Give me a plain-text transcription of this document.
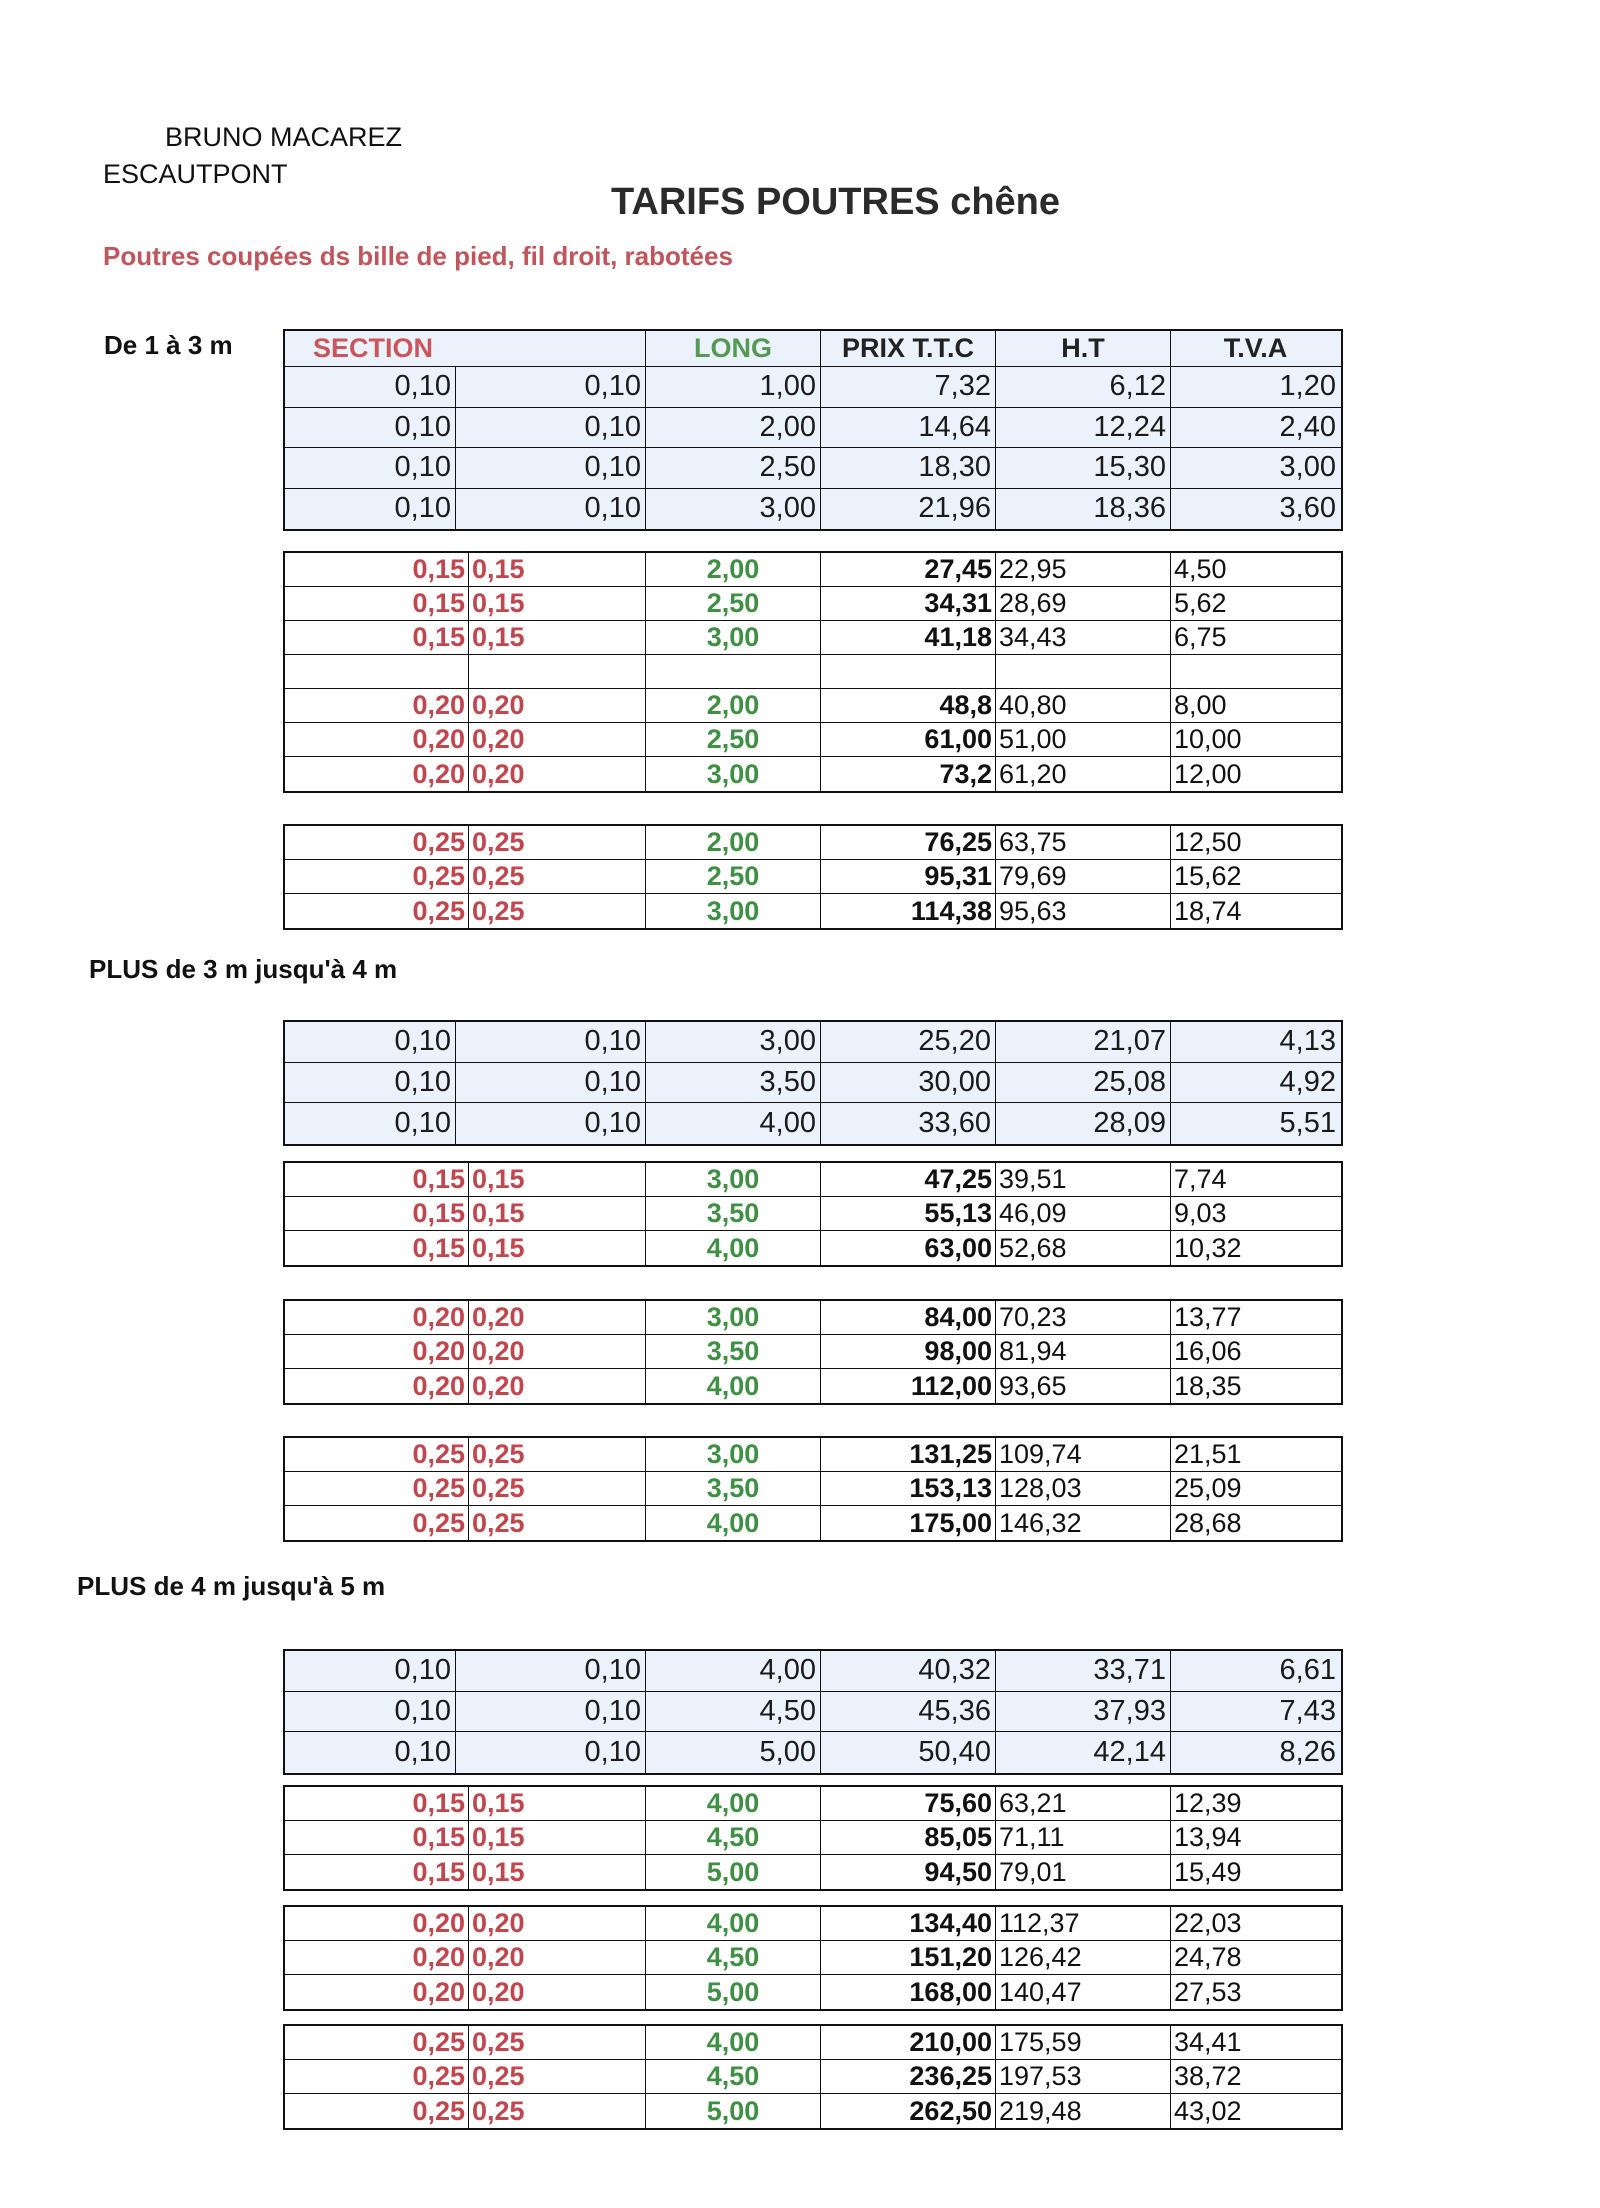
BRUNO MACAREZ
ESCAUTPONT
TARIFS POUTRES chêne
Poutres coupées ds bille de pied, fil droit, rabotées
De 1 à 3 m	SECTION	LONG	PRIX T.T.C	H.T	T.V.A
0,10	0,10	1,00	7,32	6,12	1,20
0,10	0,10	2,00	14,64	12,24	2,40
0,10	0,10	2,50	18,30	15,30	3,00
0,10	0,10	3,00	21,96	18,36	3,60
0,15 0,15	2,00	27,45 22,95	4,50
0,15 0,15	2,50	34,31 28,69	5,62
0,15 0,15	3,00	41,18 34,43	6,75
0,20 0,20	2,00	48,8 40,80	8,00
0,20 0,20	2,50	61,00 51,00	10,00
0,20 0,20	3,00	73,2 61,20	12,00
0,25 0,25	2,00	76,25 63,75	12,50
0,25 0,25	2,50	95,31 79,69	15,62
0,25 0,25	3,00	114,38 95,63	18,74
PLUS de 3 m jusqu'à 4 m
0,10	0,10	3,00	25,20	21,07	4,13
0,10	0,10	3,50	30,00	25,08	4,92
0,10	0,10	4,00	33,60	28,09	5,51
0,15 0,15	3,00	47,25 39,51	7,74
0,15 0,15	3,50	55,13 46,09	9,03
0,15 0,15	4,00	63,00 52,68	10,32
0,20 0,20	3,00	84,00 70,23	13,77
0,20 0,20	3,50	98,00 81,94	16,06
0,20 0,20	4,00	112,00 93,65	18,35
0,25 0,25	3,00	131,25 109,74	21,51
0,25 0,25	3,50	153,13 128,03	25,09
0,25 0,25	4,00	175,00 146,32	28,68
PLUS de 4 m jusqu'à 5 m
0,10	0,10	4,00	40,32	33,71	6,61
0,10	0,10	4,50	45,36	37,93	7,43
0,10	0,10	5,00	50,40	42,14	8,26
0,15 0,15	4,00	75,60 63,21	12,39
0,15 0,15	4,50	85,05 71,11	13,94
0,15 0,15	5,00	94,50 79,01	15,49
0,20 0,20	4,00	134,40 112,37	22,03
0,20 0,20	4,50	151,20 126,42	24,78
0,20 0,20	5,00	168,00 140,47	27,53
0,25 0,25	4,00	210,00 175,59	34,41
0,25 0,25	4,50	236,25 197,53	38,72
0,25 0,25	5,00	262,50 219,48	43,02
